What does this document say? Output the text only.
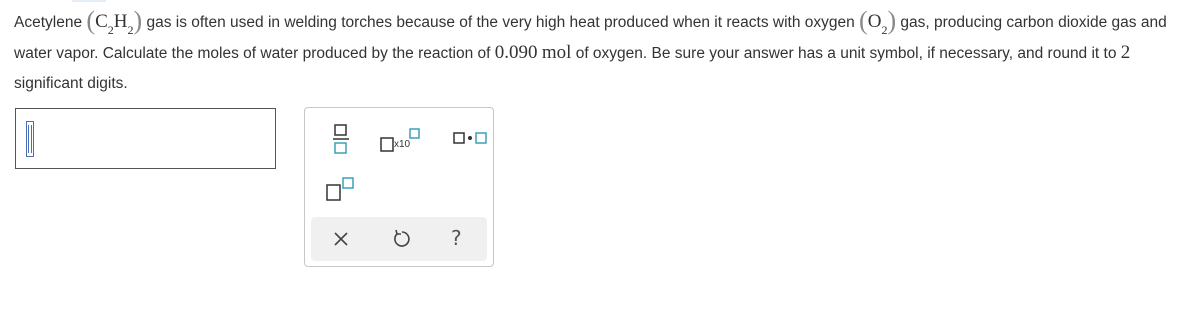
Acetylene $(C_2H_2)$ gas is often used in welding torches because of the very high heat produced when it reacts with oxygen $(O_2)$ gas, producing carbon dioxide gas and water vapor. Calculate the moles of water produced by the reaction of 0.090 mol of oxygen. Be sure your answer has a unit symbol, if necessary, and round it to 2 significant digits.
x10
?
